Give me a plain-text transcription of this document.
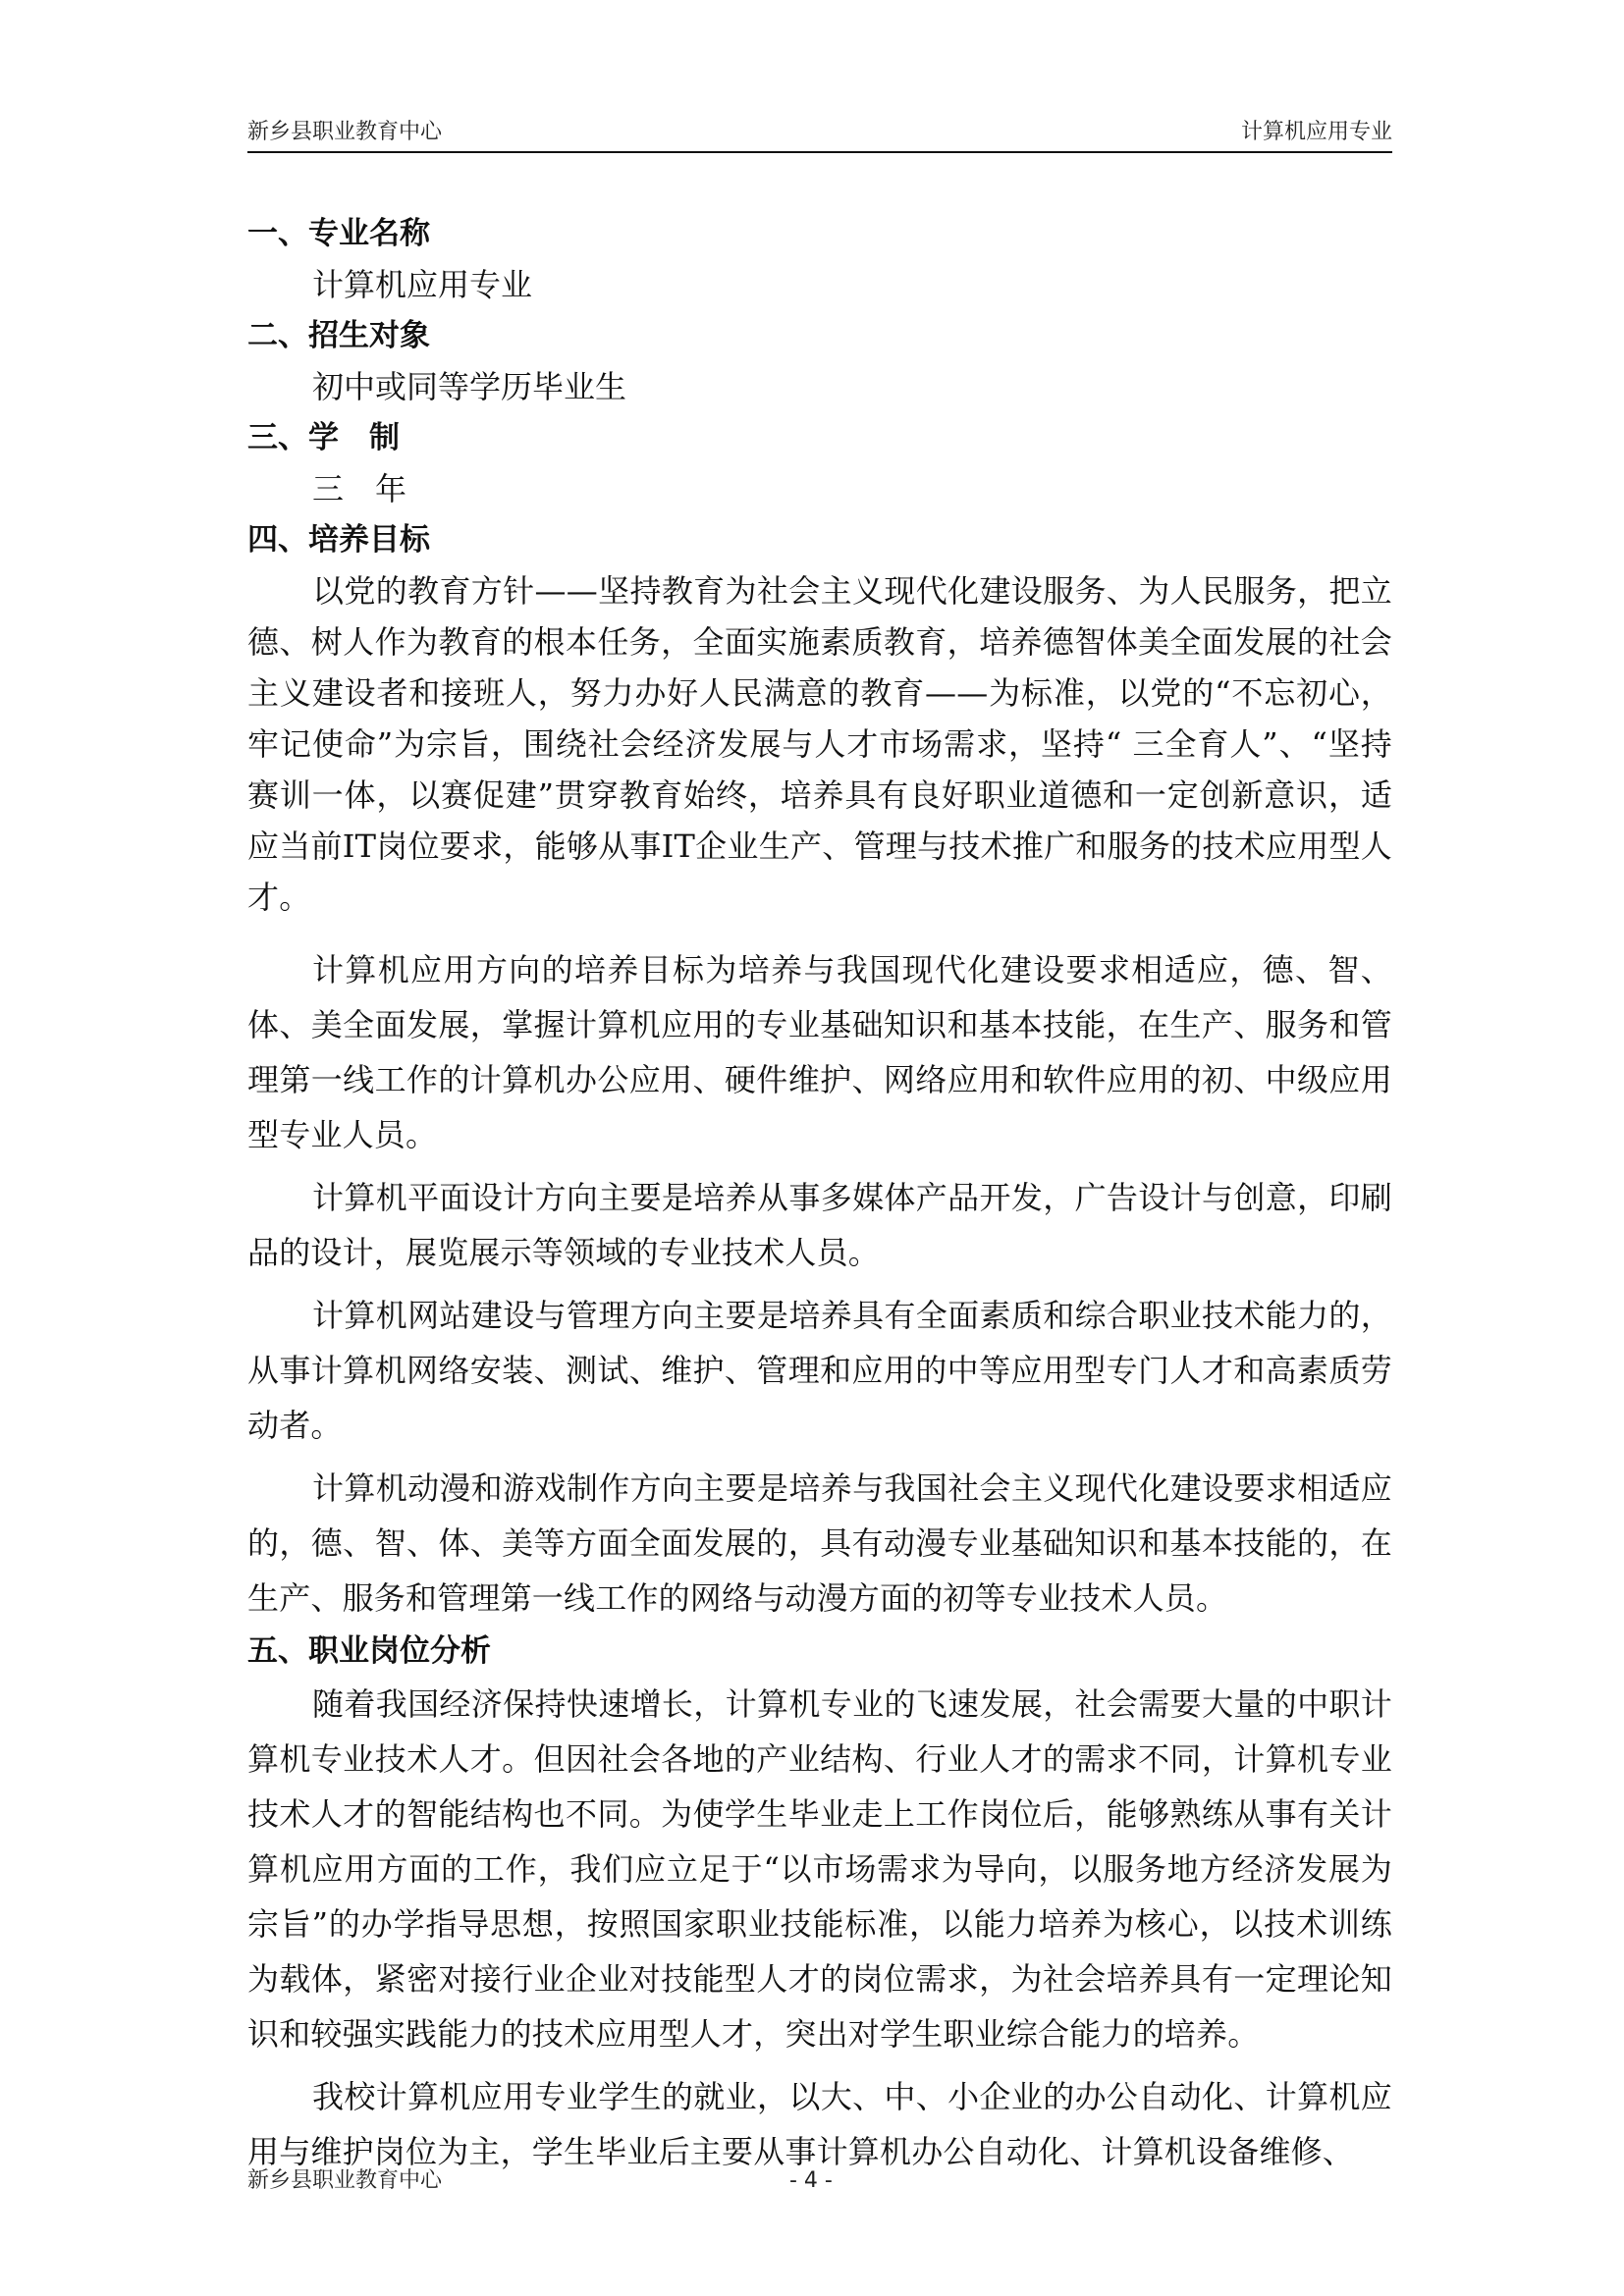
新乡县职业教育中心	计算机应用专业
一、专业名称
计算机应用专业
二、招生对象
初中或同等学历毕业生
三、学　制
三　年
四、培养目标
以党的教育方针——坚持教育为社会主义现代化建设服务、为人民服务，把立德、树人作为教育的根本任务，全面实施素质教育，培养德智体美全面发展的社会主义建设者和接班人，努力办好人民满意的教育——为标准，以党的“不忘初心，牢记使命”为宗旨，围绕社会经济发展与人才市场需求，坚持“ 三全育人”、“坚持赛训一体，以赛促建”贯穿教育始终，培养具有良好职业道德和一定创新意识，适应当前IT岗位要求，能够从事IT企业生产、管理与技术推广和服务的技术应用型人才。
计算机应用方向的培养目标为培养与我国现代化建设要求相适应，德、智、体、美全面发展，掌握计算机应用的专业基础知识和基本技能，在生产、服务和管理第一线工作的计算机办公应用、硬件维护、网络应用和软件应用的初、中级应用型专业人员。
计算机平面设计方向主要是培养从事多媒体产品开发，广告设计与创意，印刷品的设计，展览展示等领域的专业技术人员。
计算机网站建设与管理方向主要是培养具有全面素质和综合职业技术能力的，从事计算机网络安装、测试、维护、管理和应用的中等应用型专门人才和高素质劳动者。
计算机动漫和游戏制作方向主要是培养与我国社会主义现代化建设要求相适应的，德、智、体、美等方面全面发展的，具有动漫专业基础知识和基本技能的，在生产、服务和管理第一线工作的网络与动漫方面的初等专业技术人员。
五、职业岗位分析
随着我国经济保持快速增长，计算机专业的飞速发展，社会需要大量的中职计算机专业技术人才。但因社会各地的产业结构、行业人才的需求不同，计算机专业技术人才的智能结构也不同。为使学生毕业走上工作岗位后，能够熟练从事有关计算机应用方面的工作，我们应立足于“以市场需求为导向，以服务地方经济发展为宗旨”的办学指导思想，按照国家职业技能标准，以能力培养为核心，以技术训练为载体，紧密对接行业企业对技能型人才的岗位需求，为社会培养具有一定理论知识和较强实践能力的技术应用型人才，突出对学生职业综合能力的培养。
我校计算机应用专业学生的就业，以大、中、小企业的办公自动化、计算机应用与维护岗位为主，学生毕业后主要从事计算机办公自动化、计算机设备维修、
新乡县职业教育中心	- 4 -
